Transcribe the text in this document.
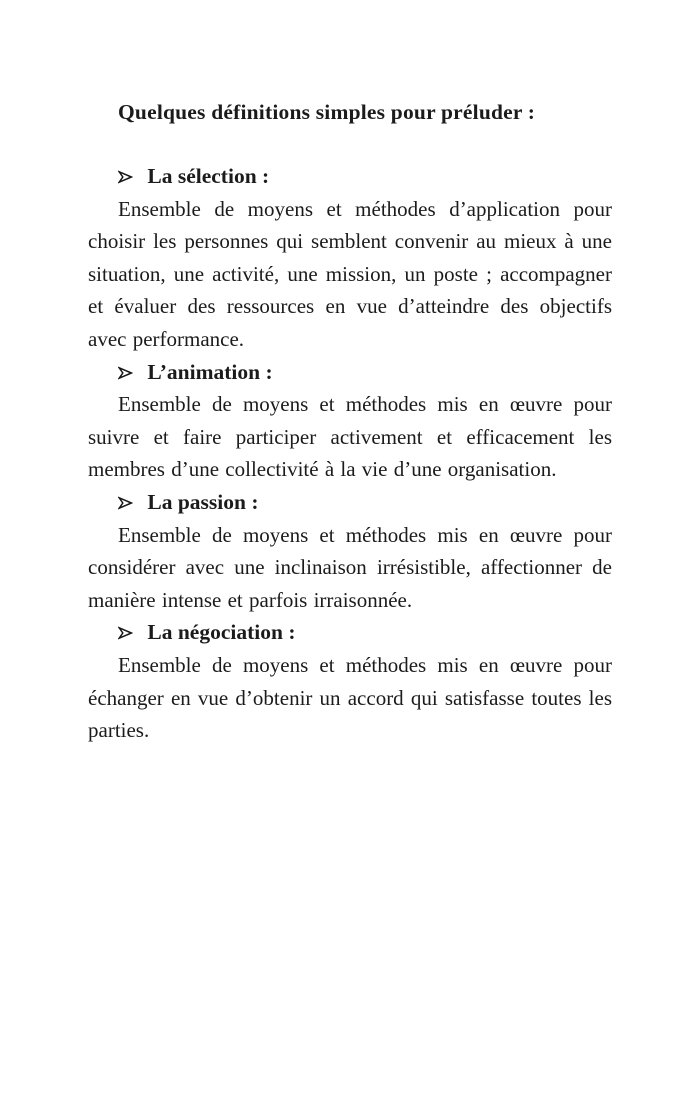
Quelques définitions simples pour préluder :

La sélection :

Ensemble de moyens et méthodes d’application pour choisir les personnes qui semblent convenir au mieux à une situation, une activité, une mission, un poste ; accompagner et évaluer des ressources en vue d’atteindre des objectifs avec performance.

L’animation :

Ensemble de moyens et méthodes mis en œuvre pour suivre et faire participer activement et efficacement les membres d’une collectivité à la vie d’une organisation.

La passion :

Ensemble de moyens et méthodes mis en œuvre pour considérer avec une inclinaison irrésistible, affectionner de manière intense et parfois irraisonnée.

La négociation :

Ensemble de moyens et méthodes mis en œuvre pour échanger en vue d’obtenir un accord qui satisfasse toutes les parties.
